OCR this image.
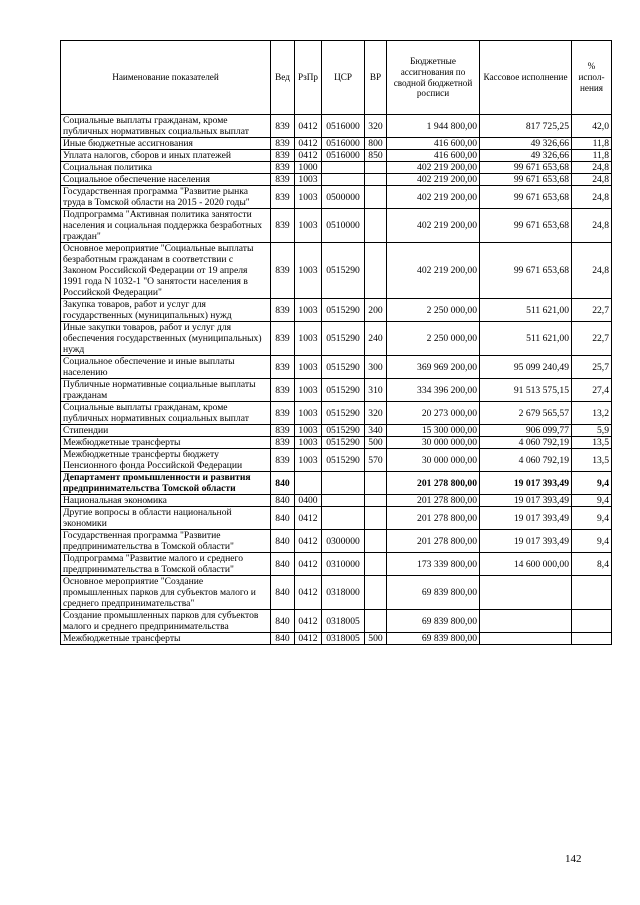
Наименование показателей	Вед	РзПр	ЦСР	ВР	Бюджетные ассигнования по сводной бюджетной росписи	Кассовое исполнение	% испол-нения
Социальные выплаты гражданам, кроме публичных нормативных социальных выплат	839	0412	0516000	320	1 944 800,00	817 725,25	42,0
Иные бюджетные ассигнования	839	0412	0516000	800	416 600,00	49 326,66	11,8
Уплата налогов, сборов и иных платежей	839	0412	0516000	850	416 600,00	49 326,66	11,8
Социальная политика	839	1000			402 219 200,00	99 671 653,68	24,8
Социальное обеспечение населения	839	1003			402 219 200,00	99 671 653,68	24,8
Государственная программа "Развитие рынка труда в Томской области на 2015 - 2020 годы"	839	1003	0500000		402 219 200,00	99 671 653,68	24,8
Подпрограмма "Активная политика занятости населения и социальная поддержка безработных граждан"	839	1003	0510000		402 219 200,00	99 671 653,68	24,8
Основное мероприятие "Социальные выплаты безработным гражданам в соответствии с Законом Российской Федерации от 19 апреля 1991 года N 1032-1 "О занятости населения в Российской Федерации"	839	1003	0515290		402 219 200,00	99 671 653,68	24,8
Закупка товаров, работ и услуг для государственных (муниципальных) нужд	839	1003	0515290	200	2 250 000,00	511 621,00	22,7
Иные закупки товаров, работ и услуг для обеспечения государственных (муниципальных) нужд	839	1003	0515290	240	2 250 000,00	511 621,00	22,7
Социальное обеспечение и иные выплаты населению	839	1003	0515290	300	369 969 200,00	95 099 240,49	25,7
Публичные нормативные социальные выплаты гражданам	839	1003	0515290	310	334 396 200,00	91 513 575,15	27,4
Социальные выплаты гражданам, кроме публичных нормативных социальных выплат	839	1003	0515290	320	20 273 000,00	2 679 565,57	13,2
Стипендии	839	1003	0515290	340	15 300 000,00	906 099,77	5,9
Межбюджетные трансферты	839	1003	0515290	500	30 000 000,00	4 060 792,19	13,5
Межбюджетные трансферты бюджету Пенсионного фонда Российской Федерации	839	1003	0515290	570	30 000 000,00	4 060 792,19	13,5
Департамент промышленности и развития предпринимательства Томской области	840				201 278 800,00	19 017 393,49	9,4
Национальная экономика	840	0400			201 278 800,00	19 017 393,49	9,4
Другие вопросы в области национальной экономики	840	0412			201 278 800,00	19 017 393,49	9,4
Государственная программа "Развитие предпринимательства в Томской области"	840	0412	0300000		201 278 800,00	19 017 393,49	9,4
Подпрограмма "Развитие малого и среднего предпринимательства в Томской области"	840	0412	0310000		173 339 800,00	14 600 000,00	8,4
Основное мероприятие "Создание промышленных парков для субъектов малого и среднего предпринимательства"	840	0412	0318000		69 839 800,00		
Создание промышленных парков для субъектов малого и среднего предпринимательства	840	0412	0318005		69 839 800,00		
Межбюджетные трансферты	840	0412	0318005	500	69 839 800,00		
142
